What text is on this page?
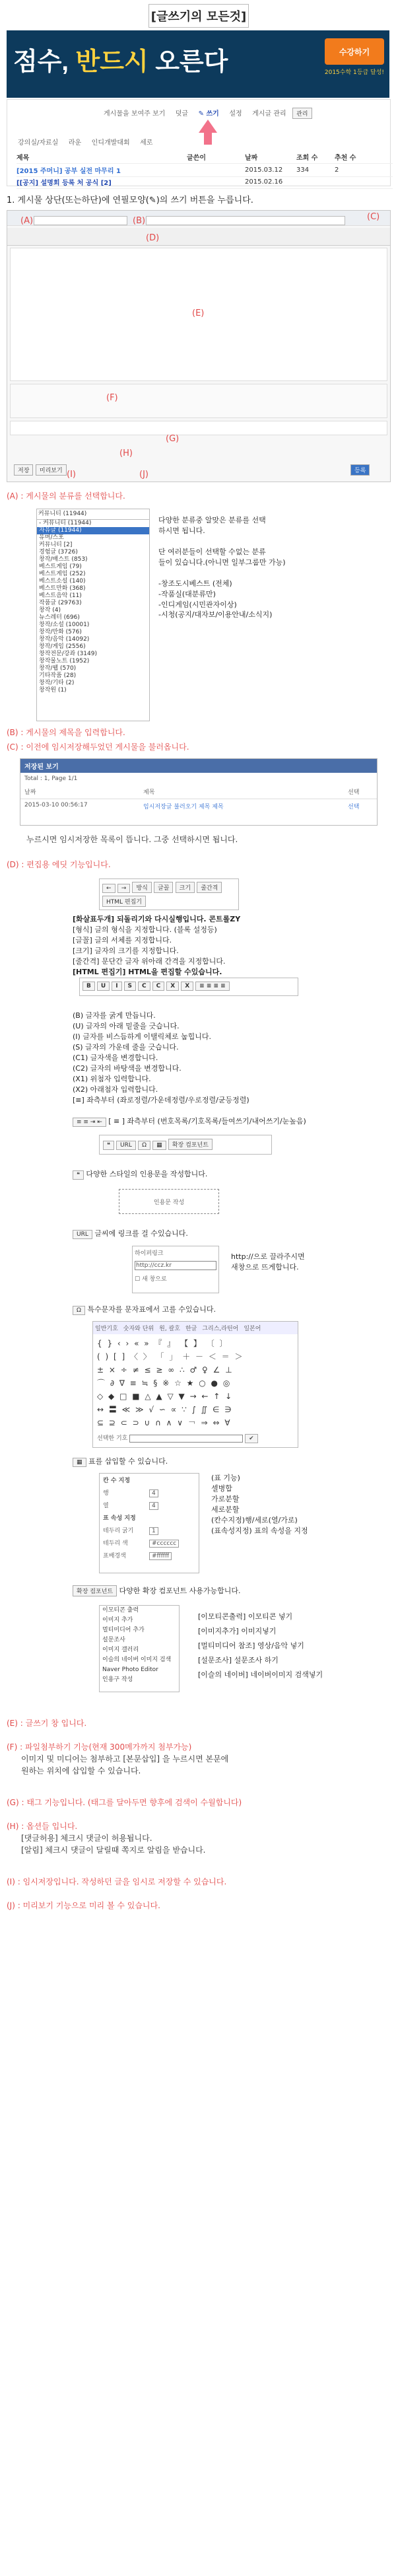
[글쓰기의 모든것]
점수, 반드시 오른다	수강하기
2015수학 1등급 달성!
게시물을 보여주 보기 덧글 ✎ 쓰기 설정 게시글 관리 관리
강의실/자료실 라운 인디개발대회 세로
제목	글쓴이	날짜	조회 수	추천 수
[2015 주머니] 공부 실전 마무리 1	2015.03.12 334	2
[[공지] 설명회 등록 처 공식 [2]	2015.02.16
1. 게시물 상단(또는하단)에 연필모양(✎)의 쓰기 버튼을 누릅니다.
(A)	(B)	(C)
(D)
(E)
(F)
(G)
(H)
저장 미리보기	등록
(I)	(J)
(A) : 게시물의 분류를 선택합니다.
커뮤니티 (11944)
- 커뮤니티 (11944)
자유글 (11944)
유머/스포
커뮤니티 [2]
경험글 (3726)
창작/배스트 (853)
베스트게임 (79)
베스트게임 (252)
베스트소설 (140)
베스트만화 (368)
베스트음악 (11)
작품글 (29763)
창작 (4)
뉴스레터 (696)
창작/소설 (10001)
창작/만화 (576)
창작/음악 (14092)
창작/게임 (2556)
창작전문/강좌 (3149)
창작물노트 (1952)
창작/웹 (570)
기타작품 (28)
창작/기타 (2)
창작원 (1)
다양한 분류중 알맞은 분류를 선택
하시면 됩니다.

단 여러분들이 선택할 수없는 분류
들이 있습니다.(아니면 일부그룹만 가능)

-창조도시베스트 (전체)
-작품실(대분류만)
-인디게임(시민관자이상)
-시청(공지/대자보/이용안내/소식지)
(B) : 게시물의 제목을 입력합니다.
(C) : 이전에 임시저장해두었던 게시물을 불러옵니다.
저장된 보기
Total : 1, Page 1/1
날짜	제목	선택
2015-03-10 00:56:17	임시저장글 불러오기 제목 제목	선택
누르시면 임시저장한 목록이 뜹니다. 그중 선택하시면 됩니다.
(D) : 편집용 에딧 기능입니다.
← → 방식 글꼴 크기 줄간격
HTML 편집기
[화살표두개] 되돌리기와 다시실행입니다. 콘트롤ZY
[형식] 글의 형식을 지정합니다. (블록 설정등)
[글꼴] 글의 서체를 지정합니다.
[크기] 글자의 크기를 지정합니다.
[줄간격] 문단간 글자 위아래 간격을 지정합니다.
[HTML 편집기] HTML을 편집할 수있습니다.
B U I S C C X X ≡ ≡ ≡ ≡
(B) 글자를 굵게 만듭니다.
(U) 글자의 아래 밑줄을 긋습니다.
(I) 글자를 비스듬하게 이탤릭체로 눕힙니다.
(S) 글자의 가운데 줄을 긋습니다.
(C1) 글자색을 변경합니다.
(C2) 글자의 바탕색을 변경합니다.
(X1) 위첨자 입력합니다.
(X2) 아래첨자 입력합니다.
[≡] 좌측부터 (좌로정렬/가운데정렬/우로정렬/균등정렬)
≡ ≡ ⇥ ⇤ [ ≡ ] 좌측부터 (번호목록/기호목록/들여쓰기/내어쓰기/눈높음)
❝ URL Ω ▦ 확장 컴포넌트
❝ 다양한 스타일의 인용문을 작성합니다.
인용문 작성
URL 글씨에 링크를 걸 수있습니다.
하이퍼링크
http://ccz.kr
☐ 새 창으로
http://으로 끌라주시면
새창으로 뜨게합니다.
Ω 특수문자를 문자표에서 고를 수있습니다.
일반기호 숫자와 단위 원, 괄호 한글 그리스,라틴어 일본어
{ } ‹ › « » 『 』 【 】 〔 〕
( ) [ ] 〈 〉 「 」 ＋ － ＜ ＝ ＞
± × ÷ ≠ ≤ ≥ ∞ ∴ ♂ ♀ ∠ ⊥
⌒ ∂ ∇ ≡ ≒ § ※ ☆ ★ ○ ● ◎
◇ ◆ □ ■ △ ▲ ▽ ▼ → ← ↑ ↓
↔ 〓 ≪ ≫ √ ∽ ∝ ∵ ∫ ∬ ∈ ∋
⊆ ⊇ ⊂ ⊃ ∪ ∩ ∧ ∨ ￢ ⇒ ⇔ ∀
선택한 기호	✔
▦ 표를 삽입할 수 있습니다.
칸 수 지정
행	4
열	4
표 속성 지정
테두리 굵기	1
테두리 색	#cccccc
표배경색	#ffffff
(표 기능)
셀병합
가로분할
세로분할
(칸수지정)행/세로(열/가로)
(표속성지정) 표의 속성을 지정
확장 컴포넌트 다양한 확장 컴포넌트 사용가능합니다.
이모티콘 출력
이미지 추가
멀티미디어 추가
설문조사
이미지 갤러리
이슬의 네이버 이미지 검색
Naver Photo Editor
인용구 작성
[이모티콘출력] 이모티콘 넣기
[이미지추가] 이미지넣기
[멀티미디어 참조] 영상/음악 넣기
[설문조사] 설문조사 하기
[이슬의 네이버] 네이버이미지 검색넣기
(E) : 글쓰기 창 입니다.
(F) : 파일첨부하기 기능(현재 300메가까지 첨부가능)
이미지 및 미디어는 첨부하고 [본문삽입] 을 누르시면 본문에
원하는 위치에 삽입할 수 있습니다.
(G) : 태그 기능입니다. (태그를 달아두면 향후에 검색이 수월합니다)
(H) : 옵션들 입니다.
[댓글허용] 체크시 댓글이 허용됩니다.
[알림] 체크시 댓글이 달릴때 쪽지로 알림을 받습니다.
(I) : 임시저장입니다. 작성하던 글을 임시로 저장할 수 있습니다.
(J) : 미리보기 기능으로 미리 볼 수 있습니다.
